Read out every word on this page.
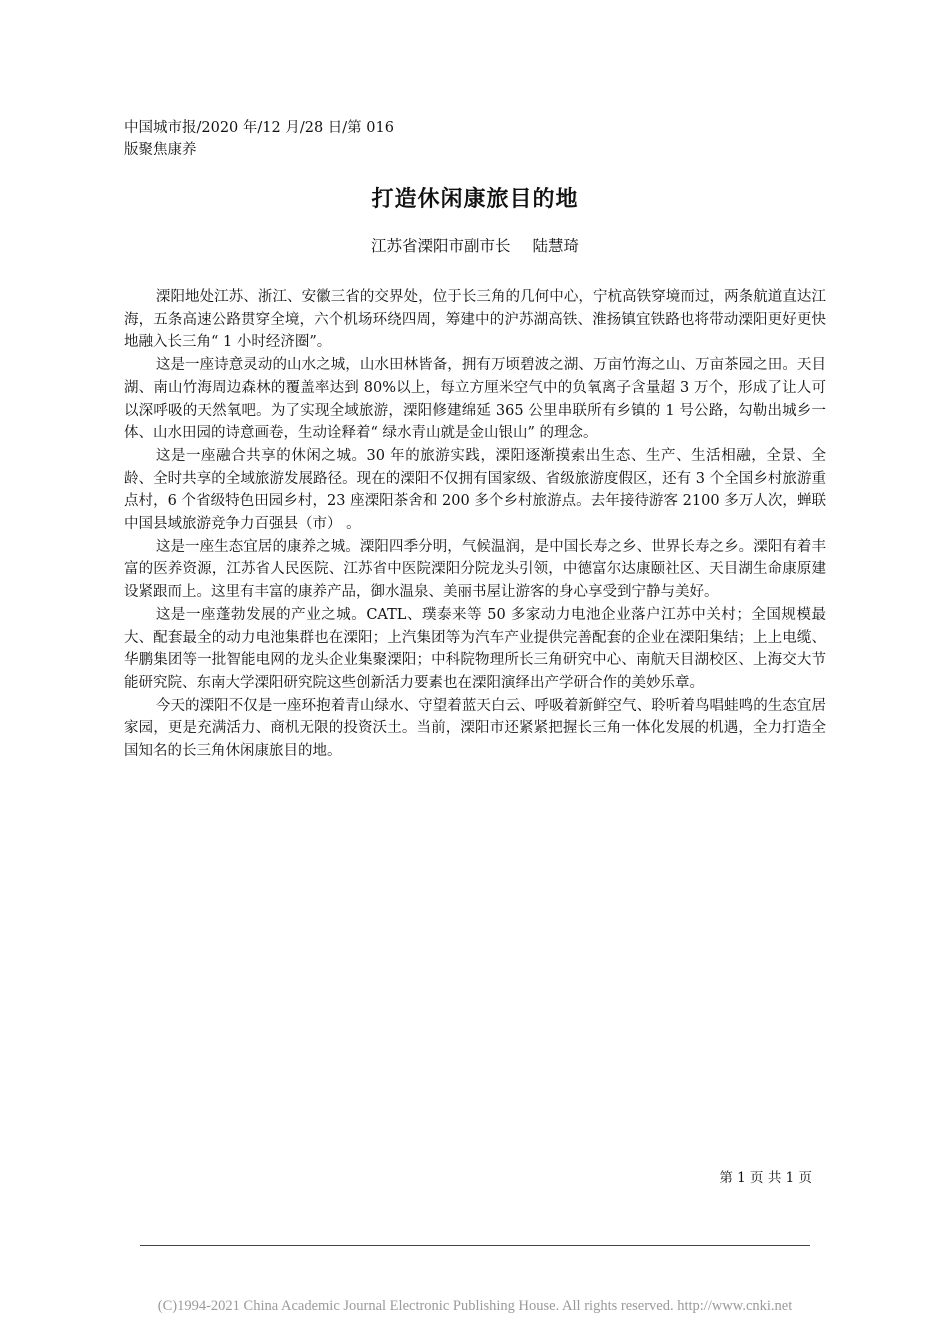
中国城市报/2020 年/12 月/28 日/第 016
版聚焦康养
打造休闲康旅目的地
江苏省溧阳市副市长 陆慧琦

溧阳地处江苏、浙江、安徽三省的交界处，位于长三角的几何中心，宁杭高铁穿境而过，两条航道直达江海，五条高速公路贯穿全境，六个机场环绕四周，筹建中的沪苏湖高铁、淮扬镇宜铁路也将带动溧阳更好更快地融入长三角“ 1 小时经济圈”。

这是一座诗意灵动的山水之城，山水田林皆备，拥有万顷碧波之湖、万亩竹海之山、万亩茶园之田。天目湖、南山竹海周边森林的覆盖率达到 80%以上，每立方厘米空气中的负氧离子含量超 3 万个，形成了让人可以深呼吸的天然氧吧。为了实现全域旅游，溧阳修建绵延 365 公里串联所有乡镇的 1 号公路，勾勒出城乡一体、山水田园的诗意画卷，生动诠释着“ 绿水青山就是金山银山” 的理念。

这是一座融合共享的休闲之城。30 年的旅游实践，溧阳逐渐摸索出生态、生产、生活相融，全景、全龄、全时共享的全域旅游发展路径。现在的溧阳不仅拥有国家级、省级旅游度假区，还有 3 个全国乡村旅游重点村，6 个省级特色田园乡村，23 座溧阳茶舍和 200 多个乡村旅游点。去年接待游客 2100 多万人次，蝉联中国县域旅游竞争力百强县（市） 。

这是一座生态宜居的康养之城。溧阳四季分明，气候温润，是中国长寿之乡、世界长寿之乡。溧阳有着丰富的医养资源，江苏省人民医院、江苏省中医院溧阳分院龙头引领，中德富尔达康颐社区、天目湖生命康原建设紧跟而上。这里有丰富的康养产品，御水温泉、美丽书屋让游客的身心享受到宁静与美好。

这是一座蓬勃发展的产业之城。CATL、璞泰来等 50 多家动力电池企业落户江苏中关村；全国规模最大、配套最全的动力电池集群也在溧阳；上汽集团等为汽车产业提供完善配套的企业在溧阳集结；上上电缆、华鹏集团等一批智能电网的龙头企业集聚溧阳；中科院物理所长三角研究中心、南航天目湖校区、上海交大节能研究院、东南大学溧阳研究院这些创新活力要素也在溧阳演绎出产学研合作的美妙乐章。

今天的溧阳不仅是一座环抱着青山绿水、守望着蓝天白云、呼吸着新鲜空气、聆听着鸟唱蛙鸣的生态宜居家园，更是充满活力、商机无限的投资沃土。当前，溧阳市还紧紧把握长三角一体化发展的机遇，全力打造全国知名的长三角休闲康旅目的地。

第 1 页 共 1 页
(C)1994-2021 China Academic Journal Electronic Publishing House. All rights reserved. http://www.cnki.net
